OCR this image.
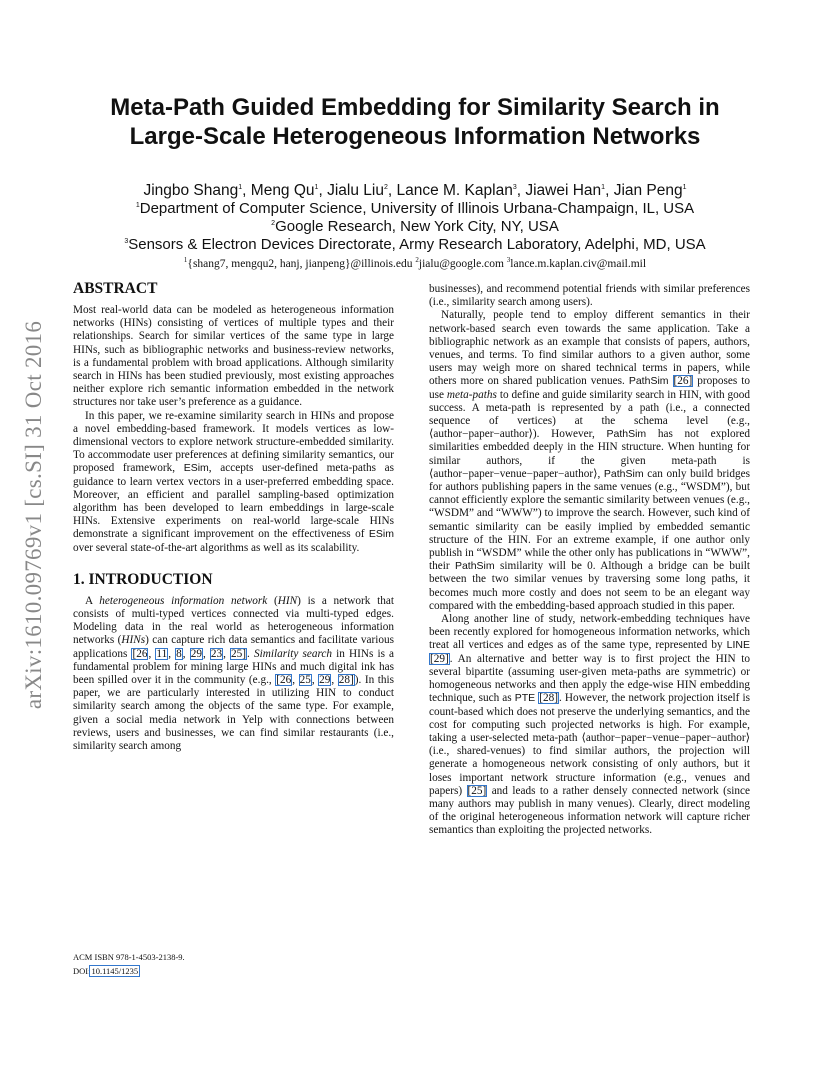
arXiv:1610.09769v1 [cs.SI] 31 Oct 2016
Meta-Path Guided Embedding for Similarity Search in Large-Scale Heterogeneous Information Networks
Jingbo Shang$^1$, Meng Qu$^1$, Jialu Liu$^2$, Lance M. Kaplan$^3$, Jiawei Han$^1$, Jian Peng$^1$
$^1$Department of Computer Science, University of Illinois Urbana-Champaign, IL, USA
$^2$Google Research, New York City, NY, USA
$^3$Sensors & Electron Devices Directorate, Army Research Laboratory, Adelphi, MD, USA
$^1${shang7, mengqu2, hanj, jianpeng}@illinois.edu $^2$jialu@google.com $^3$lance.m.kaplan.civ@mail.mil
ABSTRACT

Most real-world data can be modeled as heterogeneous information networks (HINs) consisting of vertices of multiple types and their relationships. Search for similar vertices of the same type in large HINs, such as bibliographic networks and business-review networks, is a fundamental problem with broad applications. Although similarity search in HINs has been studied previously, most existing approaches neither explore rich semantic information embedded in the network structures nor take user’s preference as a guidance.

In this paper, we re-examine similarity search in HINs and propose a novel embedding-based framework. It models vertices as low-dimensional vectors to explore network structure-embedded similarity. To accommodate user preferences at defining similarity semantics, our proposed framework, ESim, accepts user-defined meta-paths as guidance to learn vertex vectors in a user-preferred embedding space. Moreover, an efficient and parallel sampling-based optimization algorithm has been developed to learn embeddings in large-scale HINs. Extensive experiments on real-world large-scale HINs demonstrate a significant improvement on the effectiveness of ESim over several state-of-the-art algorithms as well as its scalability.

1. INTRODUCTION

A heterogeneous information network (HIN) is a network that consists of multi-typed vertices connected via multi-typed edges. Modeling data in the real world as heterogeneous information networks (HINs) can capture rich data semantics and facilitate various applications [26, 11, 8, 29, 23, 25]. Similarity search in HINs is a fundamental problem for mining large HINs and much digital ink has been spilled over it in the community (e.g., [26, 25, 29, 28]). In this paper, we are particularly interested in utilizing HIN to conduct similarity search among the objects of the same type. For example, given a social media network in Yelp with connections between reviews, users and businesses, we can find similar restaurants (i.e., similarity search among

businesses), and recommend potential friends with similar preferences (i.e., similarity search among users).

Naturally, people tend to employ different semantics in their network-based search even towards the same application. Take a bibliographic network as an example that consists of papers, authors, venues, and terms. To find similar authors to a given author, some users may weigh more on shared technical terms in papers, while others more on shared publication venues. PathSim [26] proposes to use meta-paths to define and guide similarity search in HIN, with good success. A meta-path is represented by a path (i.e., a connected sequence of vertices) at the schema level (e.g., ⟨author−paper−author⟩). However, PathSim has not explored similarities embedded deeply in the HIN structure. When hunting for similar authors, if the given meta-path is ⟨author−paper−venue−paper−author⟩, PathSim can only build bridges for authors publishing papers in the same venues (e.g., “WSDM”), but cannot efficiently explore the semantic similarity between venues (e.g., “WSDM” and “WWW”) to improve the search. However, such kind of semantic similarity can be easily implied by embedded semantic structure of the HIN. For an extreme example, if one author only publish in “WSDM” while the other only has publications in “WWW”, their PathSim similarity will be 0. Although a bridge can be built between the two similar venues by traversing some long paths, it becomes much more costly and does not seem to be an elegant way compared with the embedding-based approach studied in this paper.

Along another line of study, network-embedding techniques have been recently explored for homogeneous information networks, which treat all vertices and edges as of the same type, represented by LINE [29]. An alternative and better way is to first project the HIN to several bipartite (assuming user-given meta-paths are symmetric) or homogeneous networks and then apply the edge-wise HIN embedding technique, such as PTE [28]. However, the network projection itself is count-based which does not preserve the underlying semantics, and the cost for computing such projected networks is high. For example, taking a user-selected meta-path ⟨author−paper−venue−paper−author⟩ (i.e., shared-venues) to find similar authors, the projection will generate a homogeneous network consisting of only authors, but it loses important network structure information (e.g., venues and papers) [25] and leads to a rather densely connected network (since many authors may publish in many venues). Clearly, direct modeling of the original heterogeneous information network will capture richer semantics than exploiting the projected networks.

ACM ISBN 978-1-4503-2138-9.
DOI:10.1145/1235
